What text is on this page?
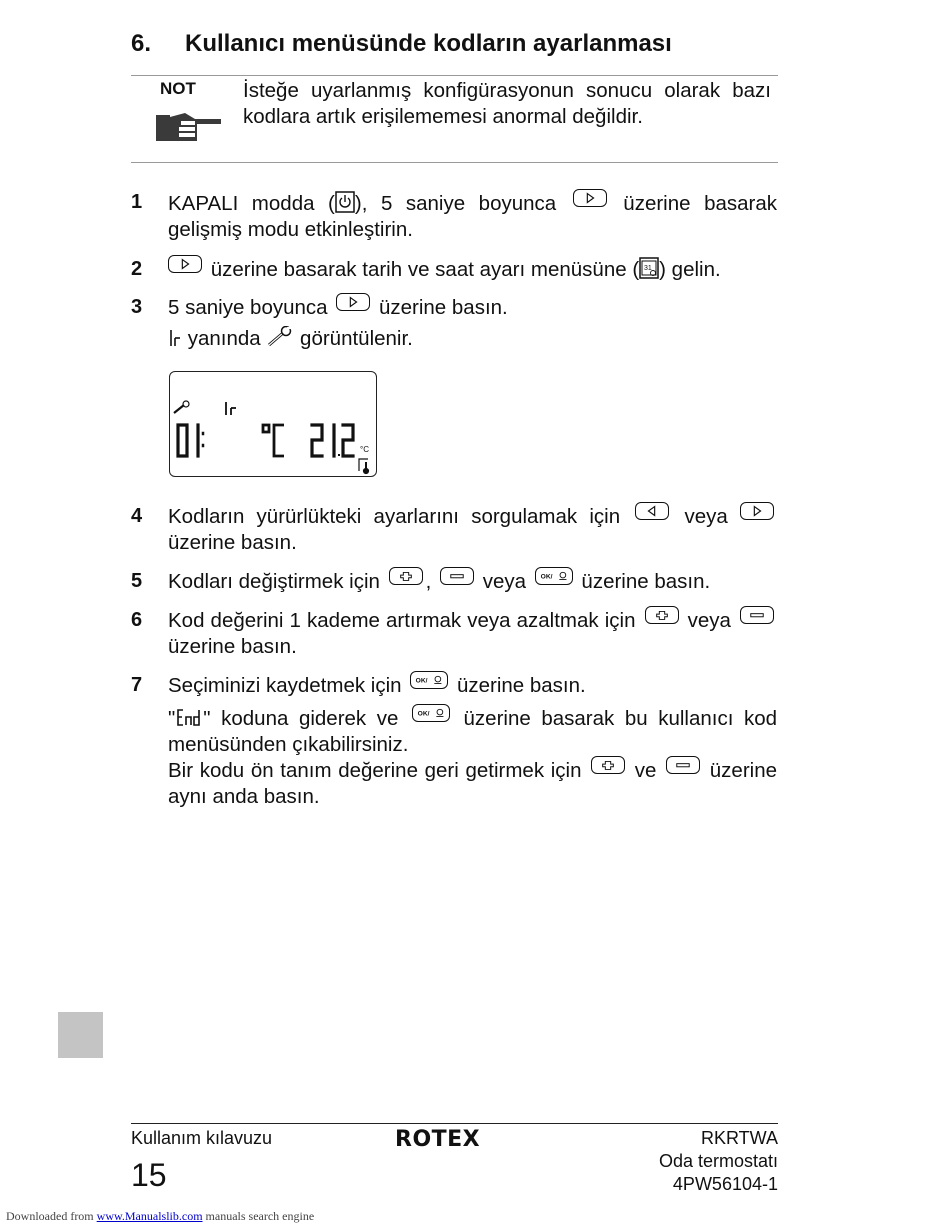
6. Kullanıcı menüsünde kodların ayarlanması
NOT İsteğe uyarlanmış konfigürasyonun sonucu olarak bazı kodlara artık erişilememesi anormal değildir.
1 KAPALI modda ( ), 5 saniye boyunca
üzerine basarak gelişmiş modu etkinleştirin.
2	üzerine basarak tarih ve saat ayarı menüsüne ( 31 ) gelin.
3 5 saniye boyunca
üzerine basın.
yanında  görüntülenir.
°C
4 Kodların yürürlükteki ayarlarını sorgulamak için
veya
üzerine basın.
5 Kodları değiştirmek için
,
veya OK/ üzerine basın.
6 Kod değerini 1 kademe artırmak veya azaltmak için
veya
üzerine basın.
7 Seçiminizi kaydetmek için OK/ üzerine basın.
" " koduna giderek ve OK/ üzerine basarak bu kullanıcı kod menüsünden çıkabilirsiniz.
Bir kodu ön tanım değerine geri getirmek için
ve
üzerine aynı anda basın.
Kullanım kılavuzu
15
ROTEX	RKRTWA
Oda termostatı
4PW56104-1
Downloaded from www.Manualslib.com manuals search engine
